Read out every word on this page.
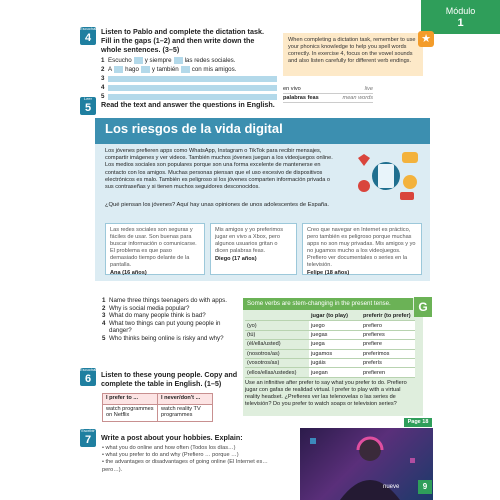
Módulo
1
Escuchar
4
Listen to Pablo and complete the dictation task. Fill in the gaps (1–2) and then write down the whole sentences. (3–5)
1 Escucho y siempre las redes sociales.
2 A hago y también con mis amigos.
3
4
5
When completing a dictation task, remember to use your phonics knowledge to help you spell words correctly. In exercise 4, focus on the vowel sounds and also listen carefully for different verb endings.
★
en vivo	live
palabras feas	mean words
Leer
5	Read the text and answer the questions in English.
Los riesgos de la vida digital
Los jóvenes prefieren apps como WhatsApp, Instagram o TikTok para recibir mensajes, compartir imágenes y ver videos. También muchos jóvenes juegan a los videojuegos online. Los medios sociales son populares porque son una forma excelente de mantenerse en contacto con los amigos. Muchas personas piensan que el uso excesivo de dispositivos electrónicos es malo. También es peligroso si los jóvenes comparten información privada o sus contraseñas y si tienen muchos seguidores desconocidos.
¿Qué piensan los jóvenes? Aquí hay unas opiniones de unos adolescentes de España.
Las redes sociales son seguras y fáciles de usar. Son buenas para buscar información o comunicarse. El problema es que paso demasiado tiempo delante de la pantalla.
Ana (16 años)
Mis amigos y yo preferimos jugar en vivo a Xbox, pero algunos usuarios gritan o dicen palabras feas.
Diego (17 años)
Creo que navegar en Internet es práctico, pero también es peligroso porque muchas apps no son muy privadas. Mis amigos y yo no jugamos mucho a los videojuegos. Prefiero ver documentales o series en la televisión.
Felipe (18 años)
1 Name three things teenagers do with apps.
2 Why is social media popular?
3 What do many people think is bad?
4 What two things can put young people in danger?
5 Who thinks being online is risky and why?
Some verbs are stem-changing in the present tense.	G
	jugar (to play)	preferir (to prefer)
(yo)	juego	prefiero
(tú)	juegas	prefieres
(él/ella/usted)	juega	prefiere
(nosotros/as)	jugamos	preferimos
(vosotros/as)	jugáis	preferís
(ellos/ellas/ustedes)	juegan	prefieren
Use an infinitive after prefer to say what you prefer to do. Prefiero jugar con gafas de realidad virtual. I prefer to play with a virtual reality headset. ¿Prefieres ver las telenovelas o las series de televisión? Do you prefer to watch soaps or television series?
Page 18
Escuchar
6	Listen to these young people. Copy and complete the table in English. (1–5)
I prefer to ...	I never/don't ...
watch programmes on Netflix	watch reality TV programmes
Escribir
7	Write a post about your hobbies. Explain:
• what you do online and how often (Todos los días…)
• what you prefer to do and why (Prefiero … porque …)
• the advantages or disadvantages of going online (El Internet es… pero…).
nueve	9
